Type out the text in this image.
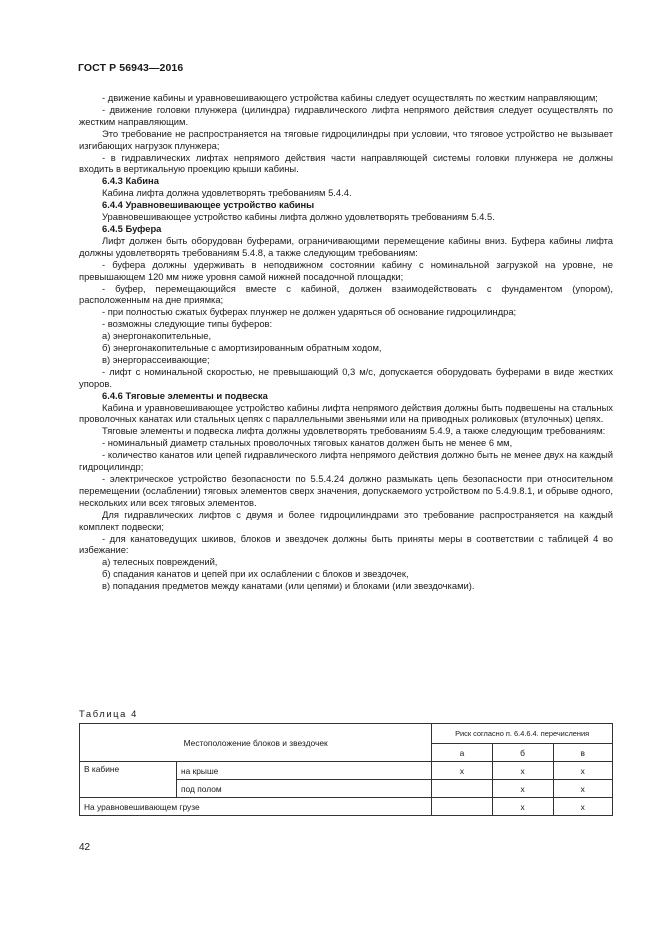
ГОСТ Р 56943—2016

- движение кабины и уравновешивающего устройства кабины следует осуществлять по жестким направляющим;

- движение головки плунжера (цилиндра) гидравлического лифта непрямого действия следует осуществлять по жестким направляющим.

Это требование не распространяется на тяговые гидроцилиндры при условии, что тяговое устройство не вызывает изгибающих нагрузок плунжера;

- в гидравлических лифтах непрямого действия части направляющей системы головки плунжера не должны входить в вертикальную проекцию крыши кабины.

6.4.3 Кабина

Кабина лифта должна удовлетворять требованиям 5.4.4.

6.4.4 Уравновешивающее устройство кабины

Уравновешивающее устройство кабины лифта должно удовлетворять требованиям 5.4.5.

6.4.5 Буфера

Лифт должен быть оборудован буферами, ограничивающими перемещение кабины вниз. Буфера кабины лифта должны удовлетворять требованиям 5.4.8, а также следующим требованиям:

- буфера должны удерживать в неподвижном состоянии кабину с номинальной загрузкой на уровне, не превышающем 120 мм ниже уровня самой нижней посадочной площадки;

- буфер, перемещающийся вместе с кабиной, должен взаимодействовать с фундаментом (упором), расположенным на дне приямка;

- при полностью сжатых буферах плунжер не должен ударяться об основание гидроцилиндра;

- возможны следующие типы буферов:

а) энергонакопительные,

б) энергонакопительные с амортизированным обратным ходом,

в) энергорассеивающие;

- лифт с номинальной скоростью, не превышающий 0,3 м/с, допускается оборудовать буферами в виде жестких упоров.

6.4.6 Тяговые элементы и подвеска

Кабина и уравновешивающее устройство кабины лифта непрямого действия должны быть подвешены на стальных проволочных канатах или стальных цепях с параллельными звеньями или на приводных роликовых (втулочных) цепях.

Тяговые элементы и подвеска лифта должны удовлетворять требованиям 5.4.9, а также следующим требованиям:

- номинальный диаметр стальных проволочных тяговых канатов должен быть не менее 6 мм,

- количество канатов или цепей гидравлического лифта непрямого действия должно быть не менее двух на каждый гидроцилиндр;

- электрическое устройство безопасности по 5.5.4.24 должно размыкать цепь безопасности при относительном перемещении (ослаблении) тяговых элементов сверх значения, допускаемого устройством по 5.4.9.8.1, и обрыве одного, нескольких или всех тяговых элементов.

Для гидравлических лифтов с двумя и более гидроцилиндрами это требование распространяется на каждый комплект подвески;

- для канатоведущих шкивов, блоков и звездочек должны быть приняты меры в соответствии с таблицей 4 во избежание:

а) телесных повреждений,

б) спадания канатов и цепей при их ослаблении с блоков и звездочек,

в) попадания предметов между канатами (или цепями) и блоками (или звездочками).

Таблица 4
Местоположение блоков и звездочек		Риск согласно п. 6.4.6.4. перечисления		
		а	б	в
В кабине	на крыше	x	x	x
	под полом		x	x
На уравновешивающем грузе			x	x
42
